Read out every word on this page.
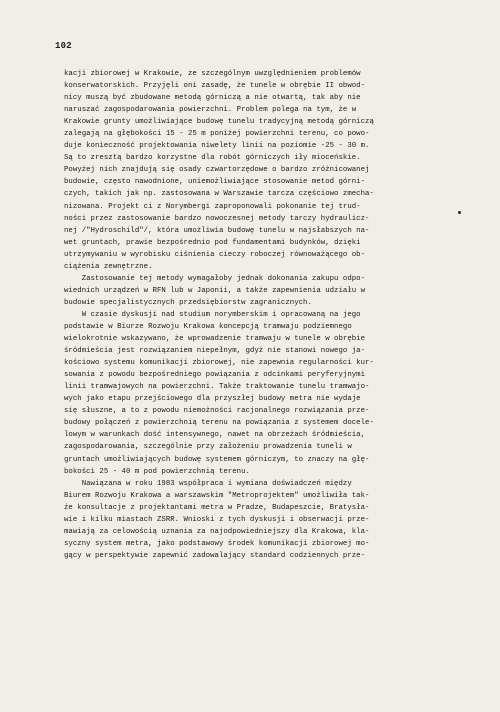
102
kacji zbiorowej w Krakowie, ze szczególnym uwzględnieniem problemów
konserwatorskich. Przyjęli oni zasadę, że tunele w obrębie II obwod-
nicy muszą być zbudowane metodą górniczą a nie otwartą, tak aby nie
naruszać zagospodarowania powierzchni. Problem polega na tym, że w
Krakowie grunty umożliwiające budowę tunelu tradycyjną metodą górniczą
zalegają na głębokości 15 - 25 m poniżej powierzchni terenu, co powo-
duje konieczność projektowania niwelety linii na poziomie -25 - 30 m.
Są to zresztą bardzo korzystne dla robót górniczych iły mioceńskie.
Powyżej nich znajdują się osady czwartorzędowe o bardzo zróżnicowanej
budowie, często nawodnione, uniemożliwiające stosowanie metod górni-
czych, takich jak np. zastosowana w Warszawie tarcza częściowo zmecha-
nizowana. Projekt ci z Norymbergi zaproponowali pokonanie tej trud-
ności przez zastosowanie bardzo nowoczesnej metody tarczy hydraulicz-
nej /"Hydroschild"/, która umożliwia budowę tunelu w najsłabszych na-
wet gruntach, prawie bezpośrednio pod fundamentami budynków, dzięki
utrzymywaniu w wyrobisku ciśnienia cieczy roboczej równoważącego ob-
ciążenia zewnętrzne.
Zastosowanie tej metody wymagałoby jednak dokonania zakupu odpo-
wiednich urządzeń w RFN lub w Japonii, a także zapewnienia udziału w
budowie specjalistycznych przedsiębiorstw zagranicznych.
W czasie dyskusji nad studium norymberskim i opracowaną na jego
podstawie w Biurze Rozwoju Krakowa koncepcją tramwaju podziemnego
wielokrotnie wskazywano, że wprowadzenie tramwaju w tunele w obrębie
śródmieścia jest rozwiązaniem niepełnym, gdyż nie stanowi nowego ja-
kościowo systemu komunikacji zbiorowej, nie zapewnia regularności kur-
sowania z powodu bezpośredniego powiązania z odcinkami peryferyjnymi
linii tramwajowych na powierzchni. Także traktowanie tunelu tramwajo-
wych jako etapu przejściowego dla przyszłej budowy metra nie wydaje
się słuszne, a to z powodu niemożności racjonalnego rozwiązania prze-
budowy połączeń z powierzchnią terenu na powiązania z systemem docele-
lowym w warunkach dość intensywnego, nawet na obrzeżach śródmieścia,
zagospodarowania, szczególnie przy założeniu prowadzenia tuneli w
gruntach umożliwiających budowę systemem górniczym, to znaczy na głę-
bokości 25 - 40 m pod powierzchnią terenu.
Nawiązana w roku 1983 współpraca i wymiana doświadczeń między
Biurem Rozwoju Krakowa a warszawskim "Metroprojektem" umożliwiła tak-
że konsultacje z projektantami metra w Pradze, Budapeszcie, Bratysła-
wie i kilku miastach ZSRR. Wnioski z tych dyskusji i obserwacji prze-
mawiają za celowością uznania za najodpowiedniejszy dla Krakowa, kla-
syczny system metra, jako podstawowy środek komunikacji zbiorowej mo-
gący w perspektywie zapewnić zadowalający standard codziennych prze-
